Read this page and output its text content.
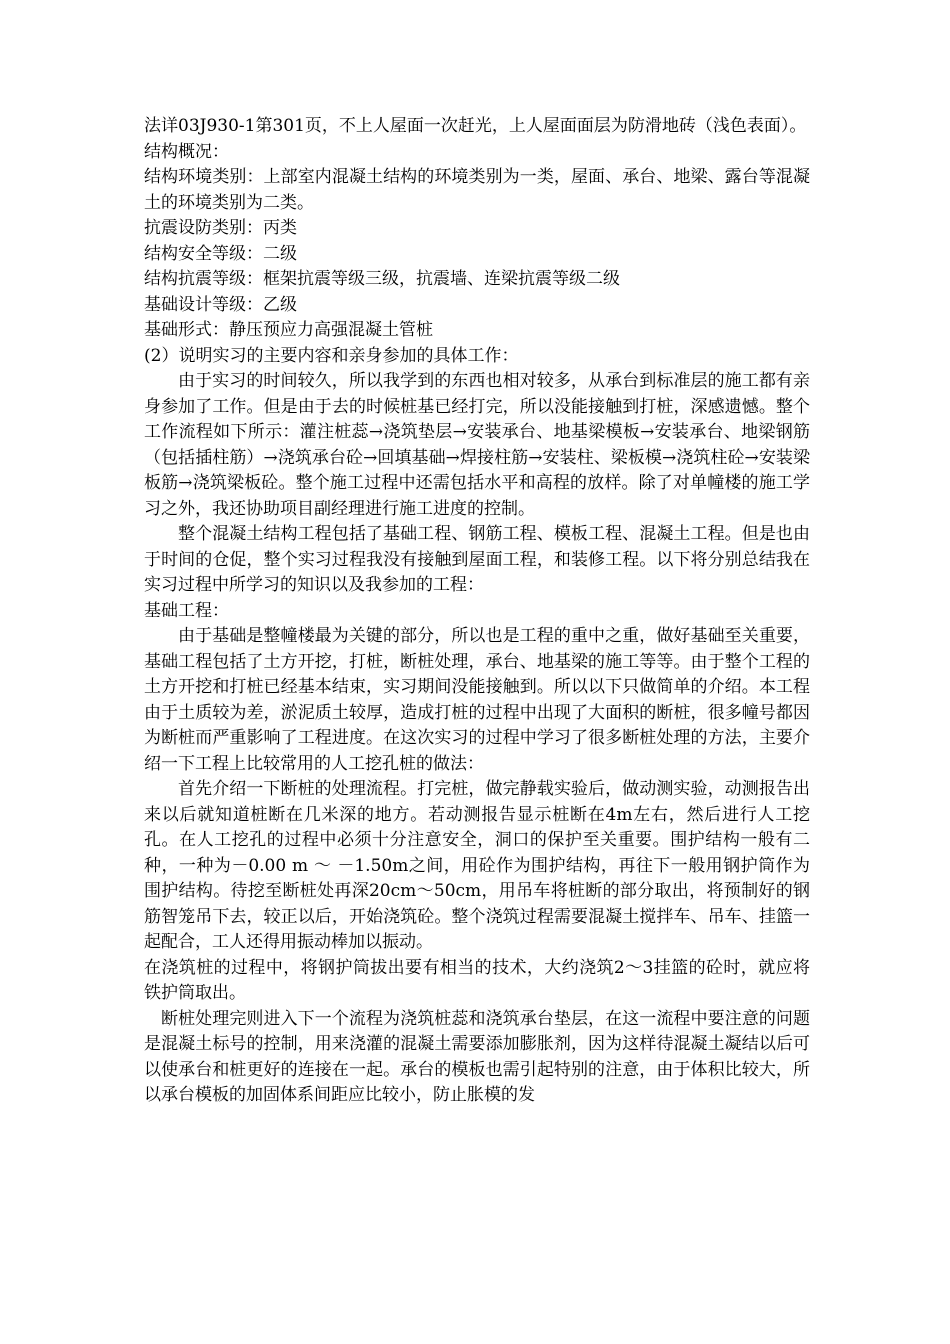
法详03J930-1第301页，不上人屋面一次赶光，上人屋面面层为防滑地砖（浅色表面）。

结构概况：

结构环境类别：上部室内混凝土结构的环境类别为一类，屋面、承台、地梁、露台等混凝土的环境类别为二类。

抗震设防类别：丙类

结构安全等级：二级

结构抗震等级：框架抗震等级三级，抗震墙、连梁抗震等级二级

基础设计等级：乙级

基础形式：静压预应力高强混凝土管桩

(2）说明实习的主要内容和亲身参加的具体工作：

由于实习的时间较久，所以我学到的东西也相对较多，从承台到标准层的施工都有亲身参加了工作。但是由于去的时候桩基已经打完，所以没能接触到打桩，深感遗憾。整个工作流程如下所示：灌注桩蕊→浇筑垫层→安装承台、地基梁模板→安装承台、地梁钢筋（包括插柱筋）→浇筑承台砼→回填基础→焊接柱筋→安装柱、梁板模→浇筑柱砼→安装梁板筋→浇筑梁板砼。整个施工过程中还需包括水平和高程的放样。除了对单幢楼的施工学习之外，我还协助项目副经理进行施工进度的控制。

整个混凝土结构工程包括了基础工程、钢筋工程、模板工程、混凝土工程。但是也由于时间的仓促，整个实习过程我没有接触到屋面工程，和装修工程。以下将分别总结我在实习过程中所学习的知识以及我参加的工程：

基础工程：

由于基础是整幢楼最为关键的部分，所以也是工程的重中之重，做好基础至关重要，基础工程包括了土方开挖，打桩，断桩处理，承台、地基梁的施工等等。由于整个工程的土方开挖和打桩已经基本结束，实习期间没能接触到。所以以下只做简单的介绍。本工程由于土质较为差，淤泥质土较厚，造成打桩的过程中出现了大面积的断桩，很多幢号都因为断桩而严重影响了工程进度。在这次实习的过程中学习了很多断桩处理的方法，主要介绍一下工程上比较常用的人工挖孔桩的做法：

首先介绍一下断桩的处理流程。打完桩，做完静载实验后，做动测实验，动测报告出来以后就知道桩断在几米深的地方。若动测报告显示桩断在4m左右，然后进行人工挖孔。在人工挖孔的过程中必须十分注意安全，洞口的保护至关重要。围护结构一般有二种，一种为－0.00 m ～ －1.50m之间，用砼作为围护结构，再往下一般用钢护筒作为围护结构。待挖至断桩处再深20cm～50cm，用吊车将桩断的部分取出，将预制好的钢筋智笼吊下去，较正以后，开始浇筑砼。整个浇筑过程需要混凝土搅拌车、吊车、挂篮一起配合，工人还得用振动棒加以振动。

在浇筑桩的过程中，将钢护筒拔出要有相当的技术，大约浇筑2～3挂篮的砼时，就应将铁护筒取出。

断桩处理完则进入下一个流程为浇筑桩蕊和浇筑承台垫层，在这一流程中要注意的问题是混凝土标号的控制，用来浇灌的混凝土需要添加膨胀剂，因为这样待混凝土凝结以后可以使承台和桩更好的连接在一起。承台的模板也需引起特别的注意，由于体积比较大，所以承台模板的加固体系间距应比较小，防止胀模的发
